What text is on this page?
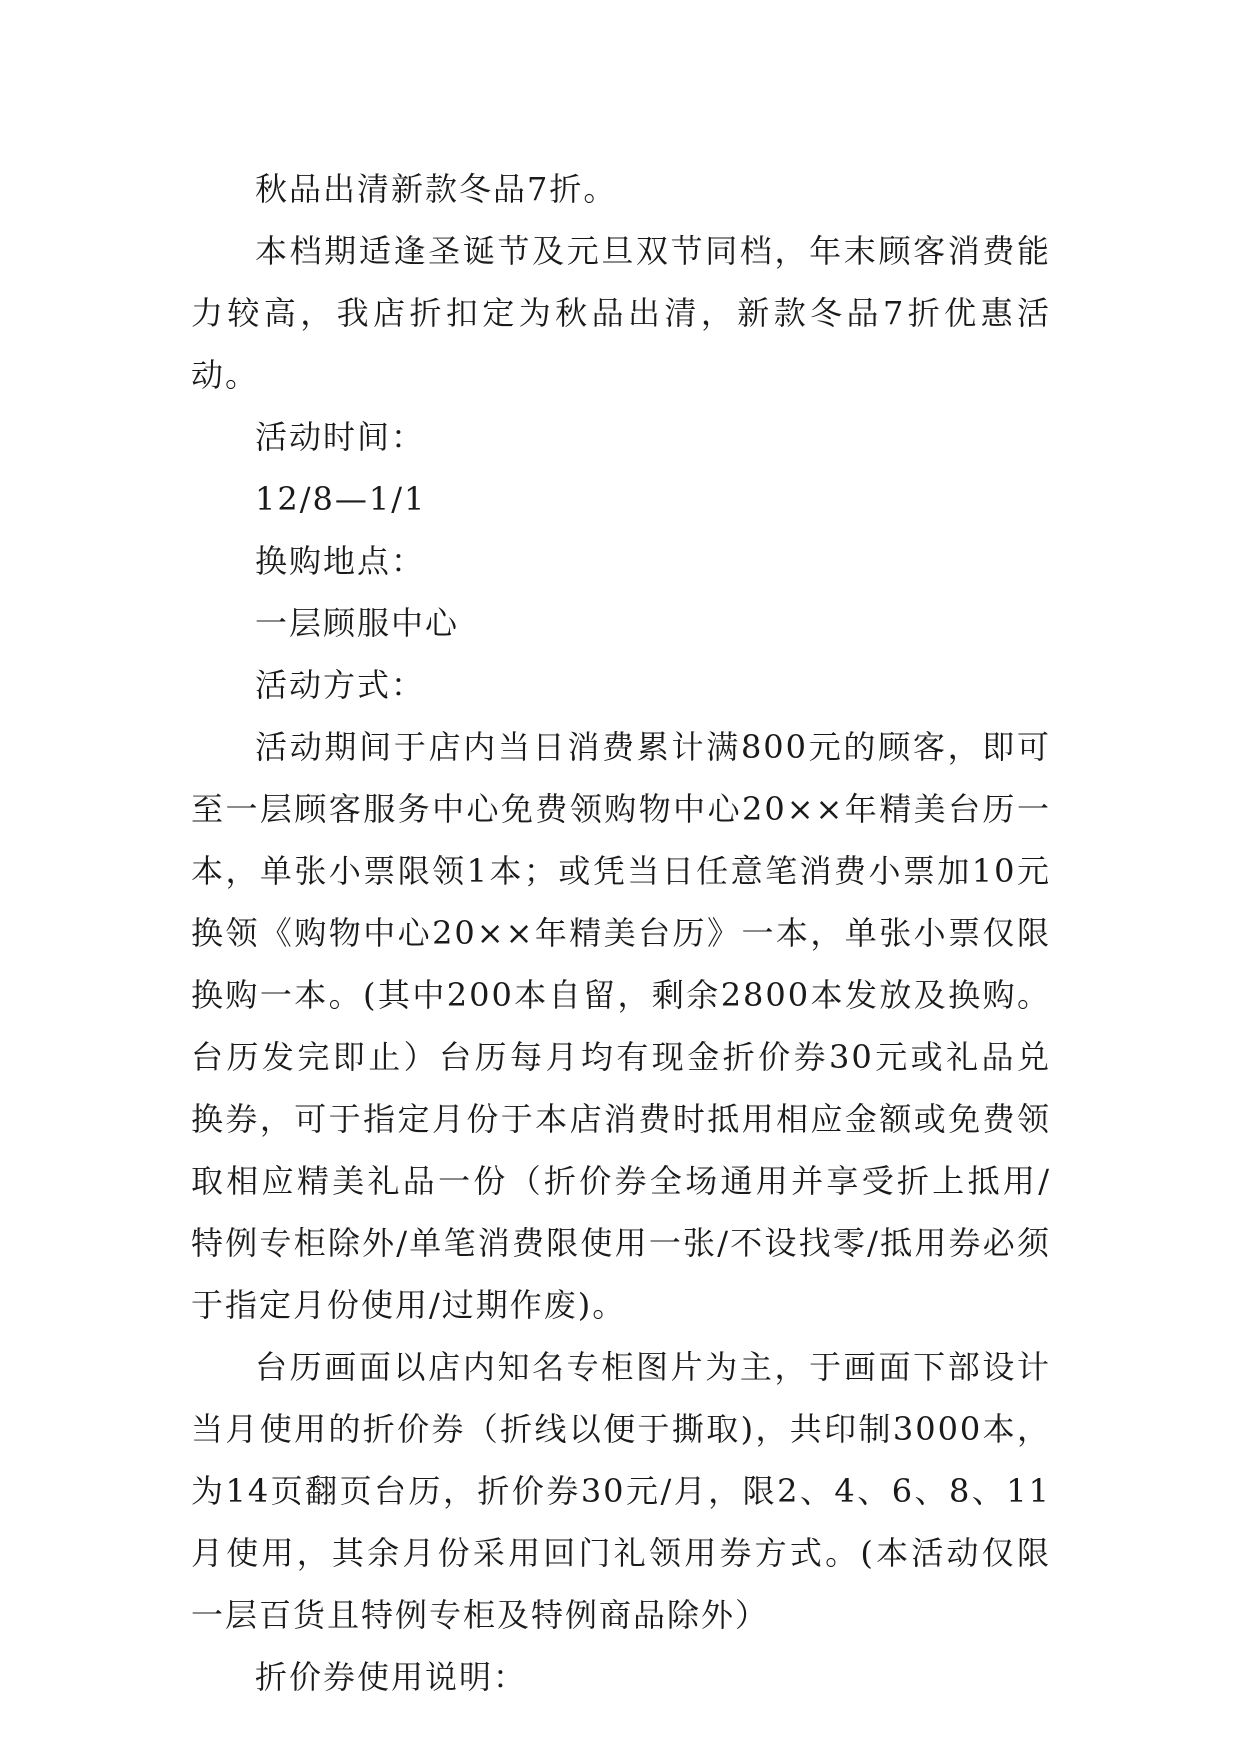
秋品出清新款冬品7折。

本档期适逢圣诞节及元旦双节同档，年末顾客消费能力较高，我店折扣定为秋品出清，新款冬品7折优惠活动。

活动时间：

12/8—1/1

换购地点：

一层顾服中心

活动方式：

活动期间于店内当日消费累计满800元的顾客，即可至一层顾客服务中心免费领购物中心20××年精美台历一本，单张小票限领1本；或凭当日任意笔消费小票加10元换领《购物中心20××年精美台历》一本，单张小票仅限换购一本。(其中200本自留，剩余2800本发放及换购。台历发完即止）台历每月均有现金折价券30元或礼品兑换券，可于指定月份于本店消费时抵用相应金额或免费领取相应精美礼品一份（折价券全场通用并享受折上抵用/特例专柜除外/单笔消费限使用一张/不设找零/抵用券必须于指定月份使用/过期作废)。

台历画面以店内知名专柜图片为主，于画面下部设计当月使用的折价券（折线以便于撕取)，共印制3000本，为14页翻页台历，折价券30元/月，限2、4、6、8、11月使用，其余月份采用回门礼领用券方式。(本活动仅限一层百货且特例专柜及特例商品除外）

折价券使用说明：
